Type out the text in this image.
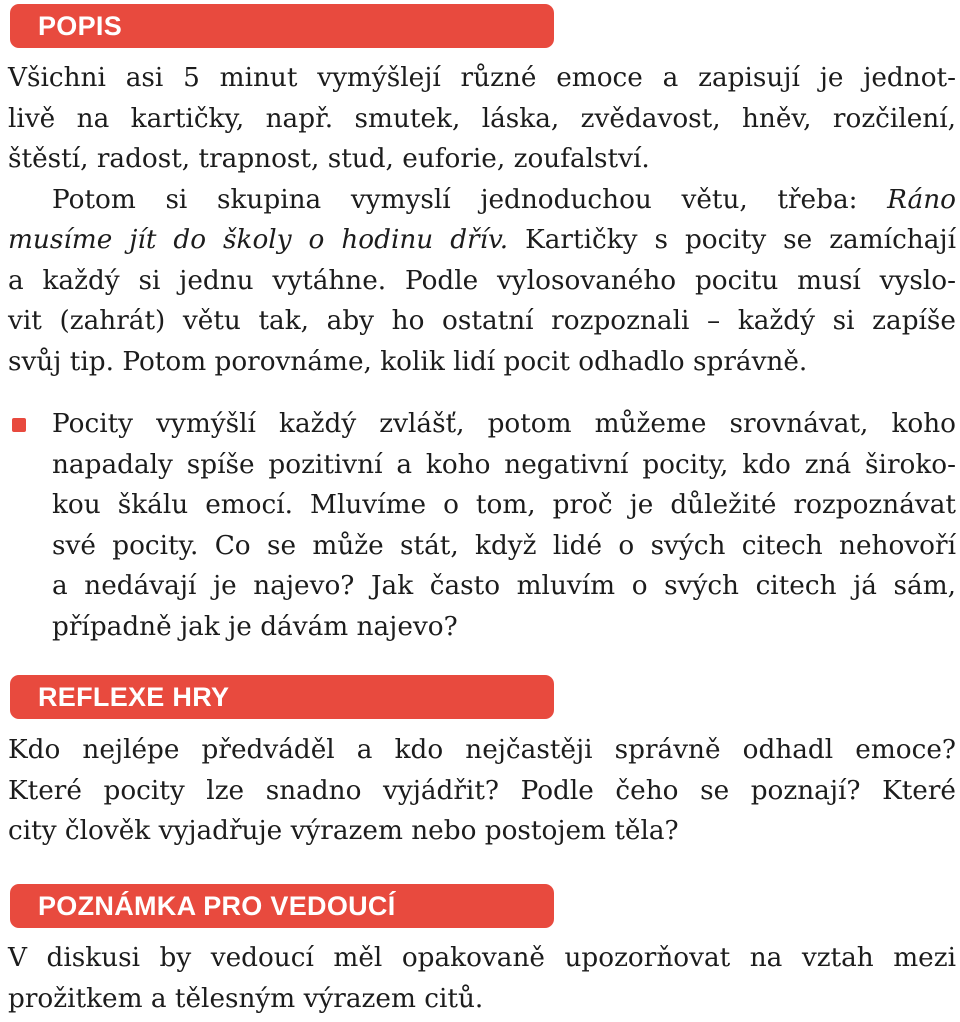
POPIS
Všichni asi 5 minut vymýšlejí různé emoce a zapisují je jednot-
livě na kartičky, např. smutek, láska, zvědavost, hněv, rozčilení,
štěstí, radost, trapnost, stud, euforie, zoufalství.
Potom si skupina vymyslí jednoduchou větu, třeba: Ráno
musíme jít do školy o hodinu dřív. Kartičky s pocity se zamíchají
a každý si jednu vytáhne. Podle vylosovaného pocitu musí vyslo-
vit (zahrát) větu tak, aby ho ostatní rozpoznali – každý si zapíše
svůj tip. Potom porovnáme, kolik lidí pocit odhadlo správně.
Pocity vymýšlí každý zvlášť, potom můžeme srovnávat, koho
napadaly spíše pozitivní a koho negativní pocity, kdo zná široko-
kou škálu emocí. Mluvíme o tom, proč je důležité rozpoznávat
své pocity. Co se může stát, když lidé o svých citech nehovoří
a nedávají je najevo? Jak často mluvím o svých citech já sám,
případně jak je dávám najevo?
REFLEXE HRY
Kdo nejlépe předváděl a kdo nejčastěji správně odhadl emoce?
Které pocity lze snadno vyjádřit? Podle čeho se poznají? Které
city člověk vyjadřuje výrazem nebo postojem těla?
POZNÁMKA PRO VEDOUCÍ
V diskusi by vedoucí měl opakovaně upozorňovat na vztah mezi
prožitkem a tělesným výrazem citů.
